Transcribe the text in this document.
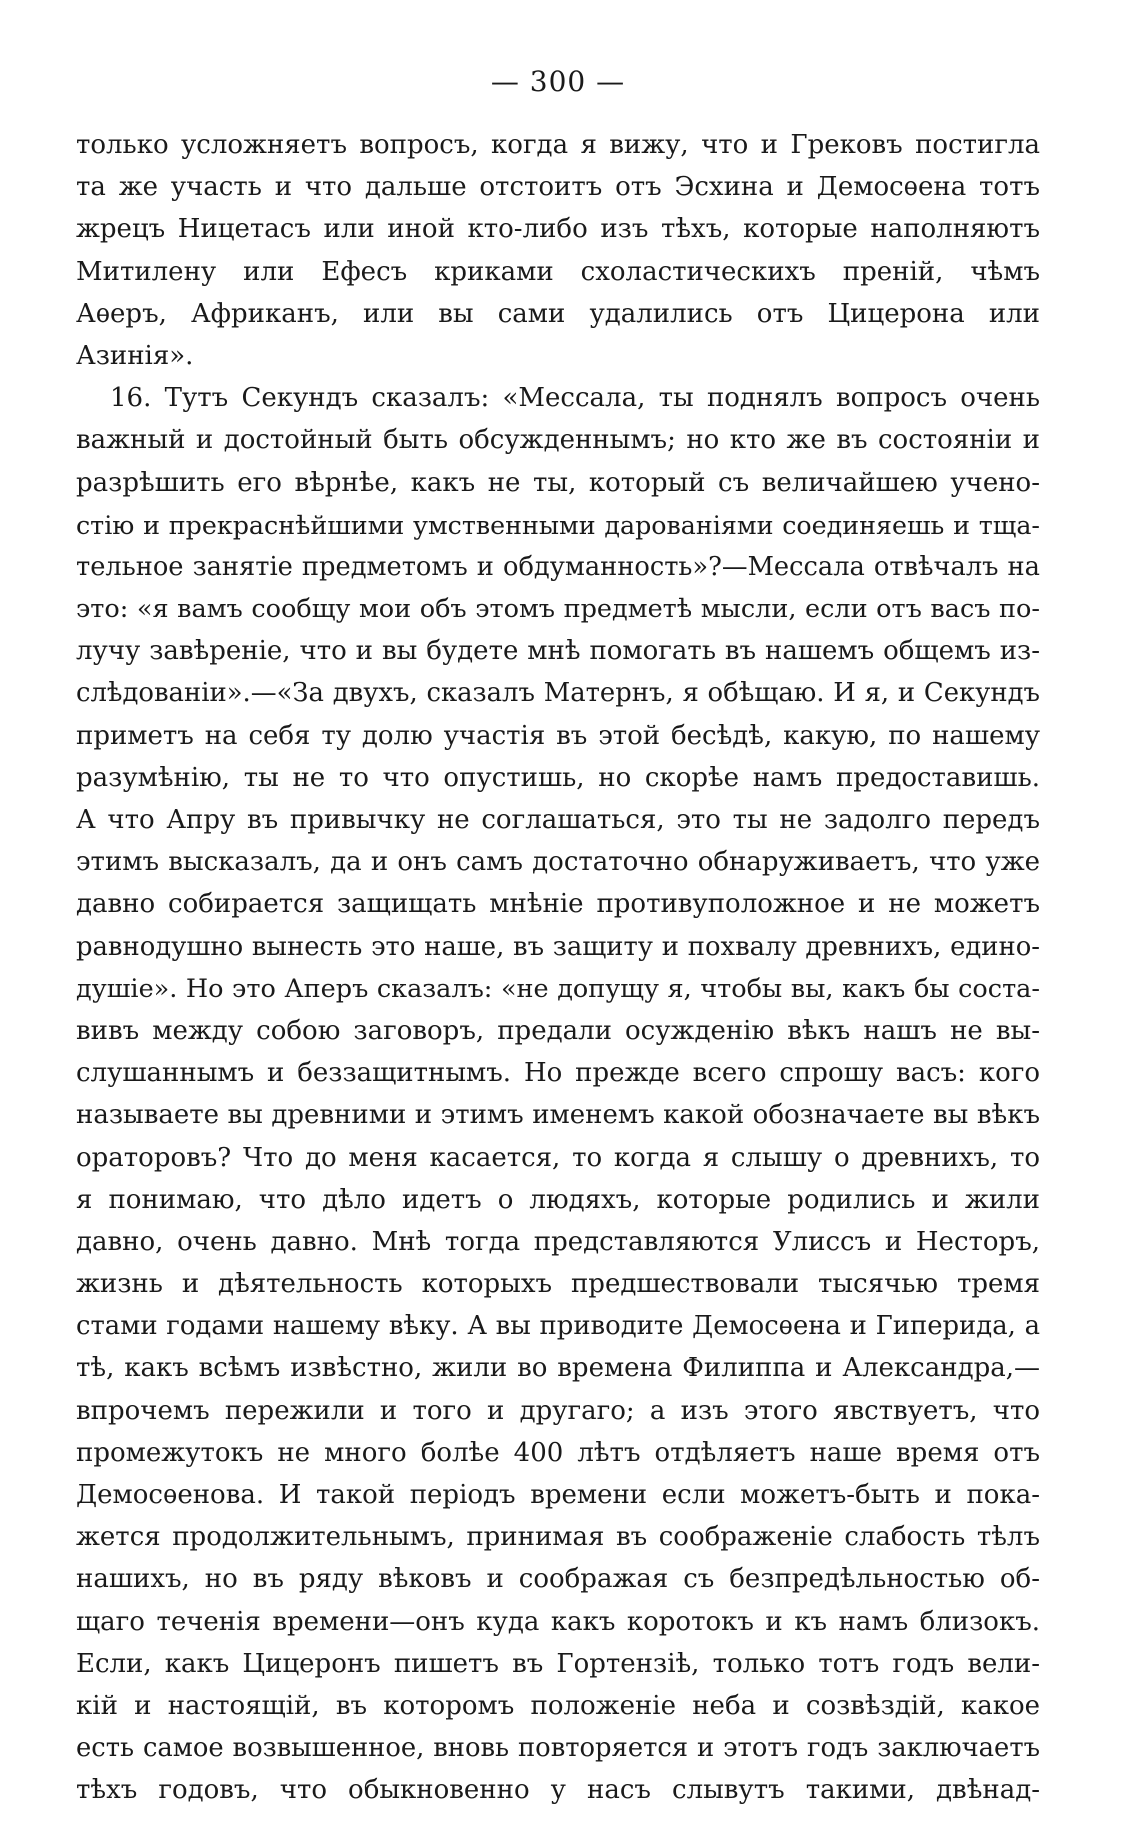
— 300 —
только усложняетъ вопросъ, когда я вижу, что и Грековъ постигла
та же участь и что дальше отстоитъ отъ Эсхина и Демосѳена тотъ
жрецъ Ницетасъ или иной кто-либо изъ тѣхъ, которые наполняютъ
Митилену или Ефесъ криками схоластическихъ преній, чѣмъ
Аѳеръ, Африканъ, или вы сами удалились отъ Цицерона или
Азинія».
16. Тутъ Секундъ сказалъ: «Мессала, ты поднялъ вопросъ очень
важный и достойный быть обсужденнымъ; но кто же въ состояніи и
разрѣшить его вѣрнѣе, какъ не ты, который съ величайшею учено-
стію и прекраснѣйшими умственными дарованіями соединяешь и тща-
тельное занятіе предметомъ и обдуманность»?—Мессала отвѣчалъ на
это: «я вамъ сообщу мои объ этомъ предметѣ мысли, если отъ васъ по-
лучу завѣреніе, что и вы будете мнѣ помогать въ нашемъ общемъ из-
слѣдованіи».—«За двухъ, сказалъ Матернъ, я обѣщаю. И я, и Секундъ
приметъ на себя ту долю участія въ этой бесѣдѣ, какую, по нашему
разумѣнію, ты не то что опустишь, но скорѣе намъ предоставишь.
А что Апру въ привычку не соглашаться, это ты не задолго передъ
этимъ высказалъ, да и онъ самъ достаточно обнаруживаетъ, что уже
давно собирается защищать мнѣніе противуположное и не можетъ
равнодушно вынесть это наше, въ защиту и похвалу древнихъ, едино-
душіе». Но это Аперъ сказалъ: «не допущу я, чтобы вы, какъ бы соста-
вивъ между собою заговоръ, предали осужденію вѣкъ нашъ не вы-
слушаннымъ и беззащитнымъ. Но прежде всего спрошу васъ: кого
называете вы древними и этимъ именемъ какой обозначаете вы вѣкъ
ораторовъ? Что до меня касается, то когда я слышу о древнихъ, то
я понимаю, что дѣло идетъ о людяхъ, которые родились и жили
давно, очень давно. Мнѣ тогда представляются Улиссъ и Несторъ,
жизнь и дѣятельность которыхъ предшествовали тысячью тремя
стами годами нашему вѣку. А вы приводите Демосѳена и Гиперида, а
тѣ, какъ всѣмъ извѣстно, жили во времена Филиппа и Александра,—
впрочемъ пережили и того и другаго; а изъ этого явствуетъ, что
промежутокъ не много болѣе 400 лѣтъ отдѣляетъ наше время отъ
Демосѳенова. И такой періодъ времени если можетъ-быть и пока-
жется продолжительнымъ, принимая въ соображеніе слабость тѣлъ
нашихъ, но въ ряду вѣковъ и соображая съ безпредѣльностью об-
щаго теченія времени—онъ куда какъ коротокъ и къ намъ близокъ.
Если, какъ Цицеронъ пишетъ въ Гортензіѣ, только тотъ годъ вели-
кій и настоящій, въ которомъ положеніе неба и созвѣздій, какое
есть самое возвышенное, вновь повторяется и этотъ годъ заключаетъ
тѣхъ годовъ, что обыкновенно у насъ слывутъ такими, двѣнад-
